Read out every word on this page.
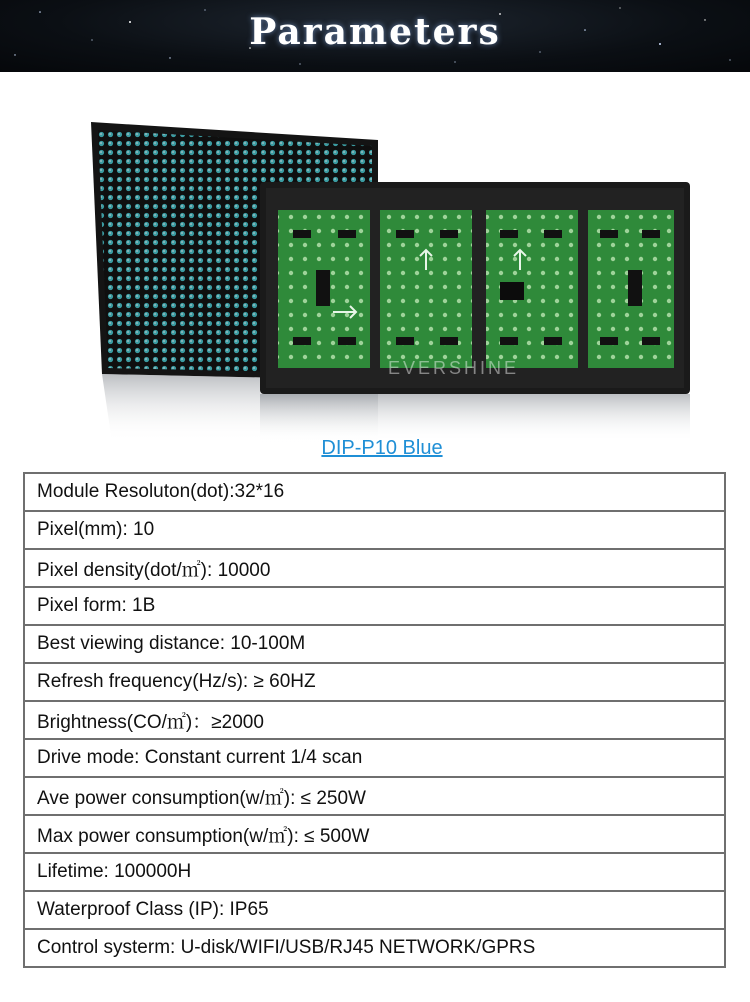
Parameters
EVERSHINE
DIP-P10 Blue
Module Resoluton(dot):32*16
Pixel(mm): 10
Pixel density(dot/㎡): 10000
Pixel form: 1B
Best viewing distance: 10-100M
Refresh frequency(Hz/s): ≥ 60HZ
Brightness(CO/㎡)：≥2000
Drive mode: Constant current 1/4 scan
Ave power consumption(w/㎡): ≤ 250W
Max power consumption(w/㎡): ≤ 500W
Lifetime: 100000H
Waterproof Class (IP): IP65
Control systerm: U-disk/WIFI/USB/RJ45 NETWORK/GPRS
